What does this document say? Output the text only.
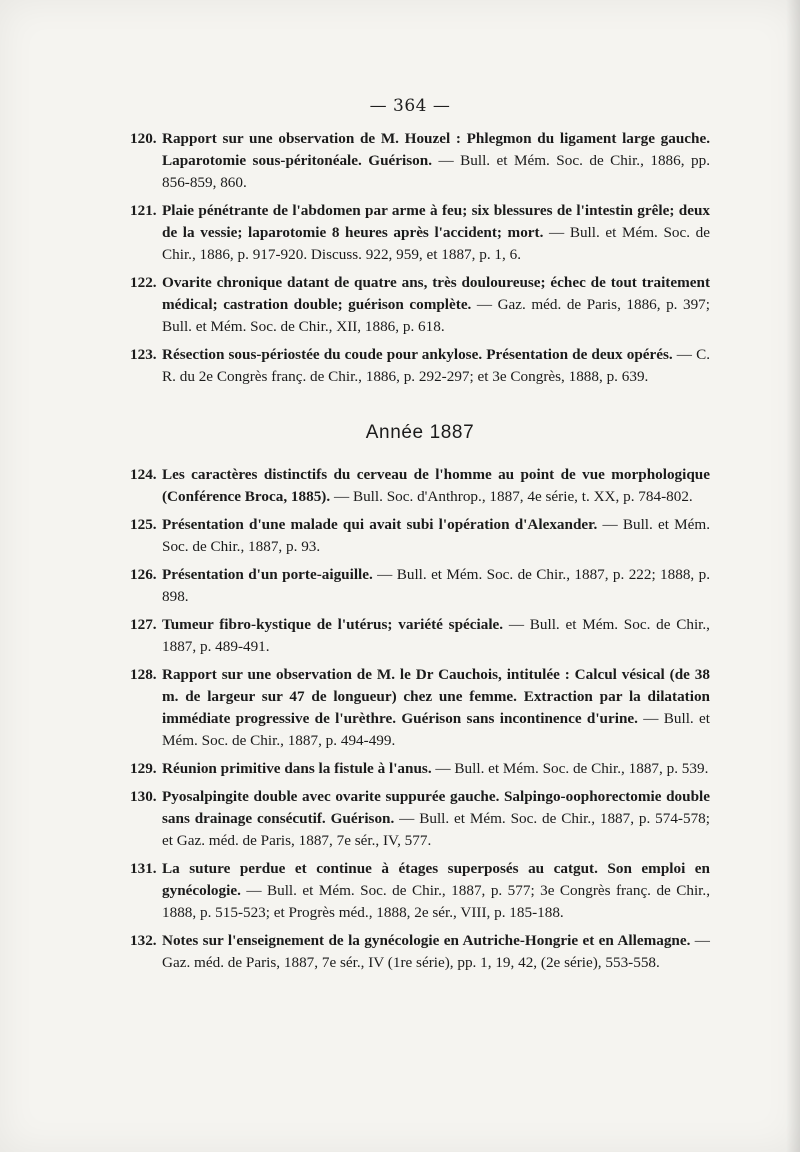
— 364 —
120. Rapport sur une observation de M. Houzel : Phlegmon du ligament large gauche. Laparotomie sous-péritonéale. Guérison. — Bull. et Mém. Soc. de Chir., 1886, pp. 856-859, 860.
121. Plaie pénétrante de l'abdomen par arme à feu; six blessures de l'intestin grêle; deux de la vessie; laparotomie 8 heures après l'accident; mort. — Bull. et Mém. Soc. de Chir., 1886, p. 917-920. Discuss. 922, 959, et 1887, p. 1, 6.
122. Ovarite chronique datant de quatre ans, très douloureuse; échec de tout traitement médical; castration double; guérison complète. — Gaz. méd. de Paris, 1886, p. 397; Bull. et Mém. Soc. de Chir., XII, 1886, p. 618.
123. Résection sous-périostée du coude pour ankylose. Présentation de deux opérés. — C. R. du 2e Congrès franç. de Chir., 1886, p. 292-297; et 3e Congrès, 1888, p. 639.
Année 1887
124. Les caractères distinctifs du cerveau de l'homme au point de vue morphologique (Conférence Broca, 1885). — Bull. Soc. d'Anthrop., 1887, 4e série, t. XX, p. 784-802.
125. Présentation d'une malade qui avait subi l'opération d'Alexander. — Bull. et Mém. Soc. de Chir., 1887, p. 93.
126. Présentation d'un porte-aiguille. — Bull. et Mém. Soc. de Chir., 1887, p. 222; 1888, p. 898.
127. Tumeur fibro-kystique de l'utérus; variété spéciale. — Bull. et Mém. Soc. de Chir., 1887, p. 489-491.
128. Rapport sur une observation de M. le Dr Cauchois, intitulée : Calcul vésical (de 38 m. de largeur sur 47 de longueur) chez une femme. Extraction par la dilatation immédiate progressive de l'urèthre. Guérison sans incontinence d'urine. — Bull. et Mém. Soc. de Chir., 1887, p. 494-499.
129. Réunion primitive dans la fistule à l'anus. — Bull. et Mém. Soc. de Chir., 1887, p. 539.
130. Pyosalpingite double avec ovarite suppurée gauche. Salpingo-oophorectomie double sans drainage consécutif. Guérison. — Bull. et Mém. Soc. de Chir., 1887, p. 574-578; et Gaz. méd. de Paris, 1887, 7e sér., IV, 577.
131. La suture perdue et continue à étages superposés au catgut. Son emploi en gynécologie. — Bull. et Mém. Soc. de Chir., 1887, p. 577; 3e Congrès franç. de Chir., 1888, p. 515-523; et Progrès méd., 1888, 2e sér., VIII, p. 185-188.
132. Notes sur l'enseignement de la gynécologie en Autriche-Hongrie et en Allemagne. — Gaz. méd. de Paris, 1887, 7e sér., IV (1re série), pp. 1, 19, 42, (2e série), 553-558.
